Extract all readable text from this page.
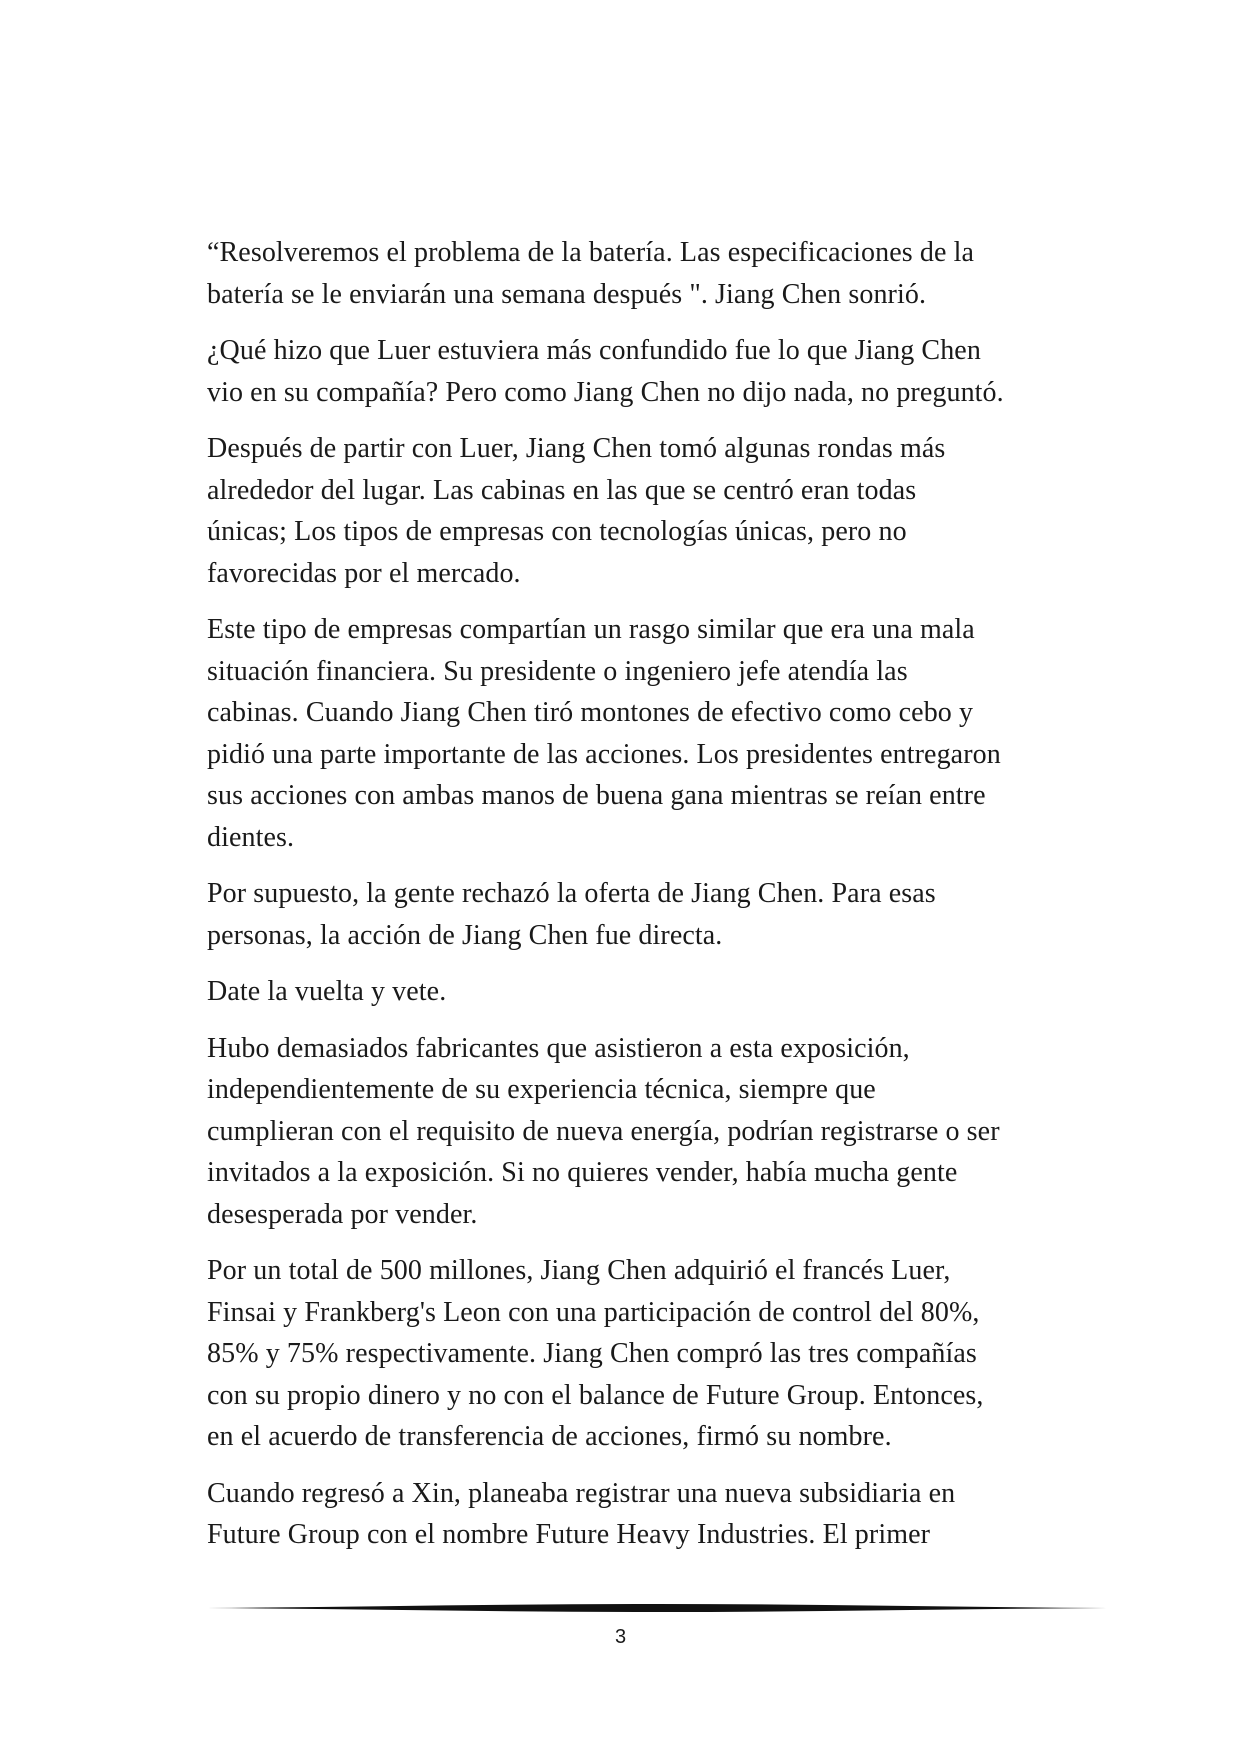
“Resolveremos el problema de la batería. Las especificaciones de la
batería se le enviarán una semana después ". Jiang Chen sonrió.

¿Qué hizo que Luer estuviera más confundido fue lo que Jiang Chen
vio en su compañía? Pero como Jiang Chen no dijo nada, no preguntó.

Después de partir con Luer, Jiang Chen tomó algunas rondas más
alrededor del lugar. Las cabinas en las que se centró eran todas
únicas; Los tipos de empresas con tecnologías únicas, pero no
favorecidas por el mercado.

Este tipo de empresas compartían un rasgo similar que era una mala
situación financiera. Su presidente o ingeniero jefe atendía las
cabinas. Cuando Jiang Chen tiró montones de efectivo como cebo y
pidió una parte importante de las acciones. Los presidentes entregaron
sus acciones con ambas manos de buena gana mientras se reían entre
dientes.

Por supuesto, la gente rechazó la oferta de Jiang Chen. Para esas
personas, la acción de Jiang Chen fue directa.

Date la vuelta y vete.

Hubo demasiados fabricantes que asistieron a esta exposición,
independientemente de su experiencia técnica, siempre que
cumplieran con el requisito de nueva energía, podrían registrarse o ser
invitados a la exposición. Si no quieres vender, había mucha gente
desesperada por vender.

Por un total de 500 millones, Jiang Chen adquirió el francés Luer,
Finsai y Frankberg's Leon con una participación de control del 80%,
85% y 75% respectivamente. Jiang Chen compró las tres compañías
con su propio dinero y no con el balance de Future Group. Entonces,
en el acuerdo de transferencia de acciones, firmó su nombre.

Cuando regresó a Xin, planeaba registrar una nueva subsidiaria en
Future Group con el nombre Future Heavy Industries. El primer

3
